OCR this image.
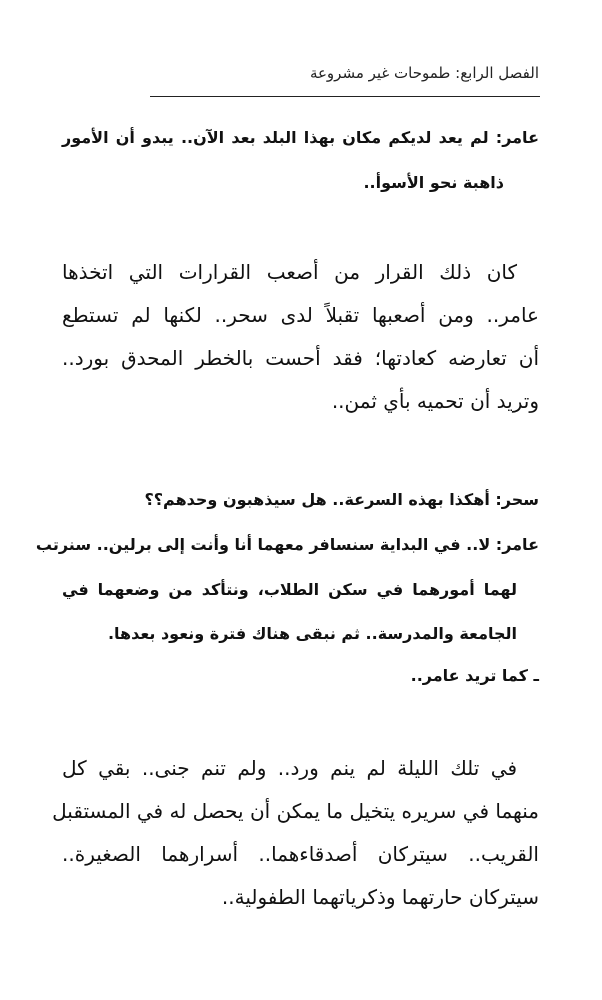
الفصل الرابع: طموحات غير مشروعة
عامر: لم يعد لديكم مكان بهذا البلد بعد الآن.. يبدو أن الأمور
ذاهبة نحو الأسوأ..
كان ذلك القرار من أصعب القرارات التي اتخذها
عامر.. ومن أصعبها تقبلاً لدى سحر.. لكنها لم تستطع
أن تعارضه كعادتها؛ فقد أحست بالخطر المحدق بورد..
وتريد أن تحميه بأي ثمن..
سحر: أهكذا بهذه السرعة.. هل سيذهبون وحدهم؟؟
عامر: لا.. في البداية سنسافر معهما أنا وأنت إلى برلين.. سنرتب
لهما أمورهما في سكن الطلاب، ونتأكد من وضعهما في
الجامعة والمدرسة.. ثم نبقى هناك فترة ونعود بعدها.
ـ كما تريد عامر..
في تلك الليلة لم ينم ورد.. ولم تنم جنى.. بقي كل
منهما في سريره يتخيل ما يمكن أن يحصل له في المستقبل
القريب.. سيتركان أصدقاءهما.. أسرارهما الصغيرة..
سيتركان حارتهما وذكرياتهما الطفولية..
